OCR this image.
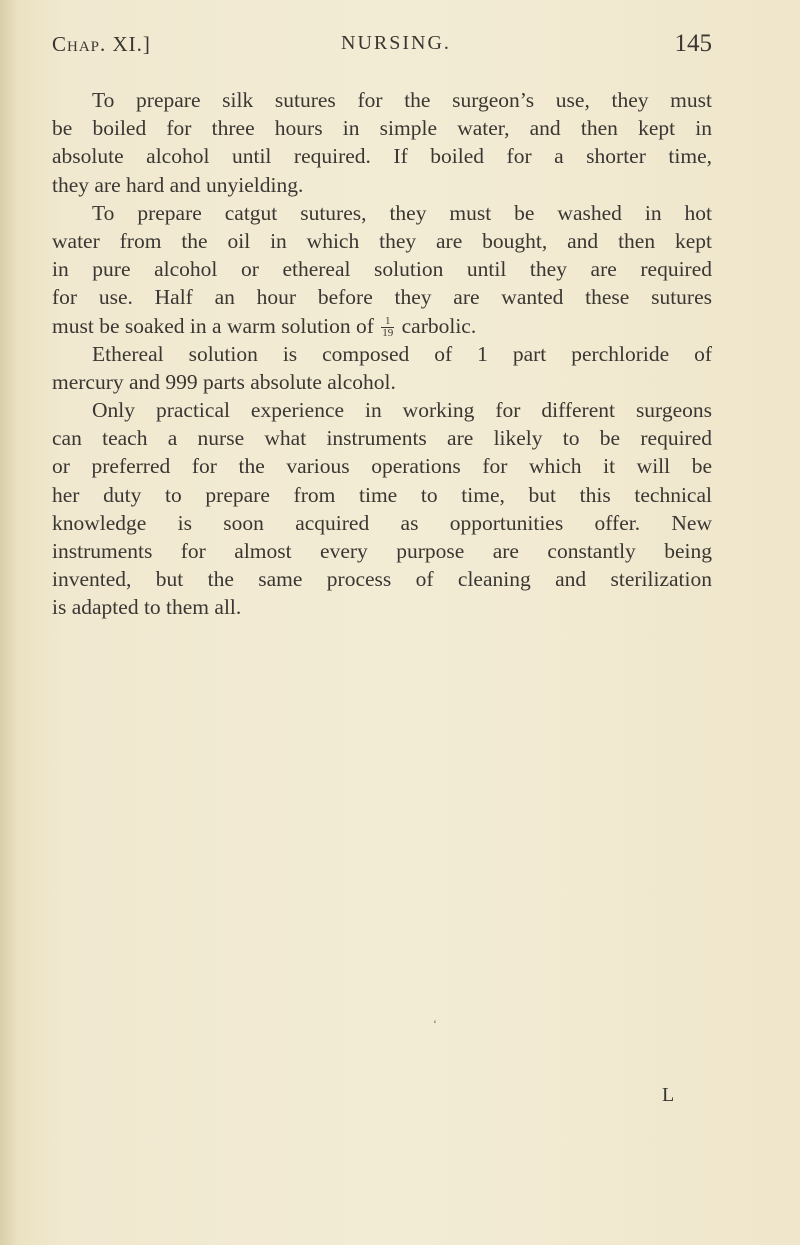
Chap. XI.]	NURSING.	145
To prepare silk sutures for the surgeon’s use, they must
be boiled for three hours in simple water, and then kept in
absolute alcohol until required. If boiled for a shorter time,
they are hard and unyielding.
To prepare catgut sutures, they must be washed in hot
water from the oil in which they are bought, and then kept
in pure alcohol or ethereal solution until they are required
for use. Half an hour before they are wanted these sutures
must be soaked in a warm solution of $\frac{1}{19}$ carbolic.
Ethereal solution is composed of 1 part perchloride of
mercury and 999 parts absolute alcohol.
Only practical experience in working for different surgeons
can teach a nurse what instruments are likely to be required
or preferred for the various operations for which it will be
her duty to prepare from time to time, but this technical
knowledge is soon acquired as opportunities offer. New
instruments for almost every purpose are constantly being
invented, but the same process of cleaning and sterilization
is adapted to them all.
‘
L
